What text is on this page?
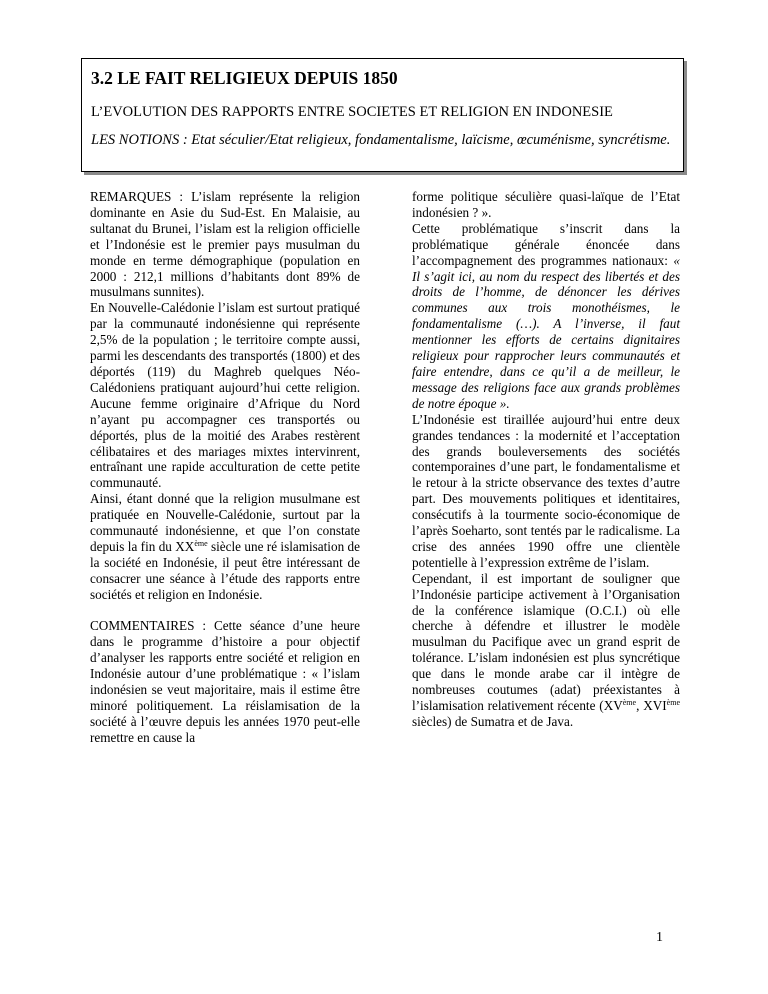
3.2 LE FAIT RELIGIEUX DEPUIS 1850

L’EVOLUTION DES RAPPORTS ENTRE SOCIETES ET RELIGION EN INDONESIE

LES NOTIONS : Etat séculier/Etat religieux, fondamentalisme, laïcisme, œcuménisme, syncrétisme.

REMARQUES : L’islam représente la religion dominante en Asie du Sud-Est. En Malaisie, au sultanat du Brunei, l’islam est la religion officielle et l’Indonésie est le premier pays musulman du monde en terme démographique (population en 2000 : 212,1 millions d’habitants dont 89% de musulmans sunnites).

En Nouvelle-Calédonie l’islam est surtout pratiqué par la communauté indonésienne qui représente 2,5% de la population ; le territoire compte aussi, parmi les descendants des transportés (1800) et des déportés (119) du Maghreb quelques Néo-Calédoniens pratiquant aujourd’hui cette religion. Aucune femme originaire d’Afrique du Nord n’ayant pu accompagner ces transportés ou déportés, plus de la moitié des Arabes restèrent célibataires et des mariages mixtes intervinrent, entraînant une rapide acculturation de cette petite communauté.

Ainsi, étant donné que la religion musulmane est pratiquée en Nouvelle-Calédonie, surtout par la communauté indonésienne, et que l’on constate depuis la fin du XXème siècle une ré islamisation de la société en Indonésie, il peut être intéressant de consacrer une séance à l’étude des rapports entre sociétés et religion en Indonésie.

COMMENTAIRES : Cette séance d’une heure dans le programme d’histoire a pour objectif d’analyser les rapports entre société et religion en Indonésie autour d’une problématique : « l’islam indonésien se veut majoritaire, mais il estime être minoré politiquement. La réislamisation de la société à l’œuvre depuis les années 1970 peut-elle remettre en cause la

forme politique séculière quasi-laïque de l’Etat indonésien ? ».

Cette problématique s’inscrit dans la problématique générale énoncée dans l’accompagnement des programmes nationaux: « Il s’agit ici, au nom du respect des libertés et des droits de l’homme, de dénoncer les dérives communes aux trois monothéismes, le fondamentalisme (…). A l’inverse, il faut mentionner les efforts de certains dignitaires religieux pour rapprocher leurs communautés et faire entendre, dans ce qu’il a de meilleur, le message des religions face aux grands problèmes de notre époque ».

L’Indonésie est tiraillée aujourd’hui entre deux grandes tendances : la modernité et l’acceptation des grands bouleversements des sociétés contemporaines d’une part, le fondamentalisme et le retour à la stricte observance des textes d’autre part. Des mouvements politiques et identitaires, consécutifs à la tourmente socio-économique de l’après Soeharto, sont tentés par le radicalisme. La crise des années 1990 offre une clientèle potentielle à l’expression extrême de l’islam.

Cependant, il est important de souligner que l’Indonésie participe activement à l’Organisation de la conférence islamique (O.C.I.) où elle cherche à défendre et illustrer le modèle musulman du Pacifique avec un grand esprit de tolérance. L’islam indonésien est plus syncrétique que dans le monde arabe car il intègre de nombreuses coutumes (adat) préexistantes à l’islamisation relativement récente (XVème, XVIème siècles) de Sumatra et de Java.

1
